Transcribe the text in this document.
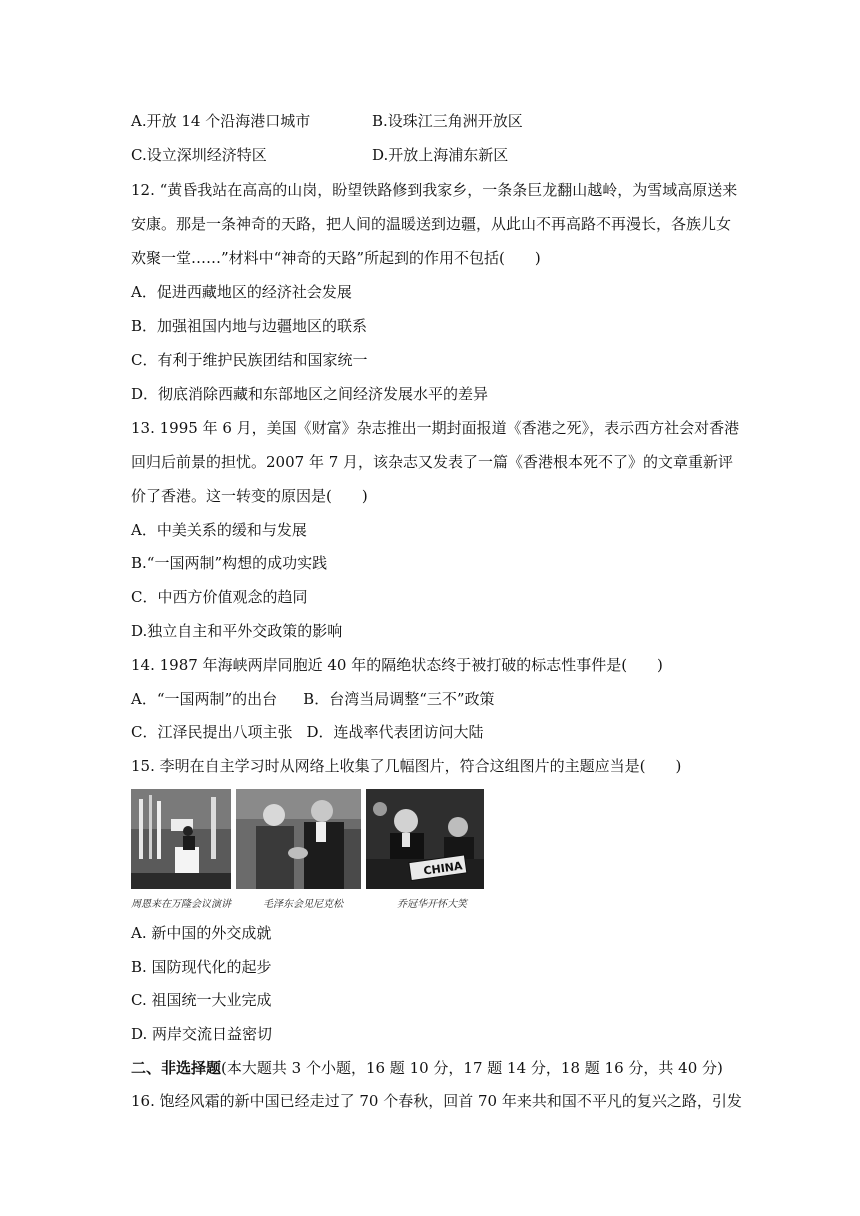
A.开放 14 个沿海港口城市	B.设珠江三角洲开放区
C.设立深圳经济特区	D.开放上海浦东新区
12. “黄昏我站在高高的山岗，盼望铁路修到我家乡，一条条巨龙翻山越岭，为雪域高原送来
安康。那是一条神奇的天路，把人间的温暖送到边疆，从此山不再高路不再漫长，各族儿女
欢聚一堂……”材料中“神奇的天路”所起到的作用不包括(　　)
A．促进西藏地区的经济社会发展
B．加强祖国内地与边疆地区的联系
C．有利于维护民族团结和国家统一
D．彻底消除西藏和东部地区之间经济发展水平的差异
13. 1995 年 6 月，美国《财富》杂志推出一期封面报道《香港之死》，表示西方社会对香港
回归后前景的担忧。2007 年 7 月，该杂志又发表了一篇《香港根本死不了》的文章重新评
价了香港。这一转变的原因是(　　)
A．中美关系的缓和与发展
B.“一国两制”构想的成功实践
C．中西方价值观念的趋同
D.独立自主和平外交政策的影响
14. 1987 年海峡两岸同胞近 40 年的隔绝状态终于被打破的标志性事件是(　　)
A．“一国两制”的出台 B．台湾当局调整“三不”政策
C．江泽民提出八项主张 D．连战率代表团访问大陆
15. 李明在自主学习时从网络上收集了几幅图片，符合这组图片的主题应当是(　　)
周恩来在万隆会议演讲	毛泽东会见尼克松
CHINA
乔冠华开怀大笑
A. 新中国的外交成就
B. 国防现代化的起步
C. 祖国统一大业完成
D. 两岸交流日益密切
二、非选择题(本大题共 3 个小题，16 题 10 分，17 题 14 分，18 题 16 分，共 40 分)
16. 饱经风霜的新中国已经走过了 70 个春秋，回首 70 年来共和国不平凡的复兴之路，引发
